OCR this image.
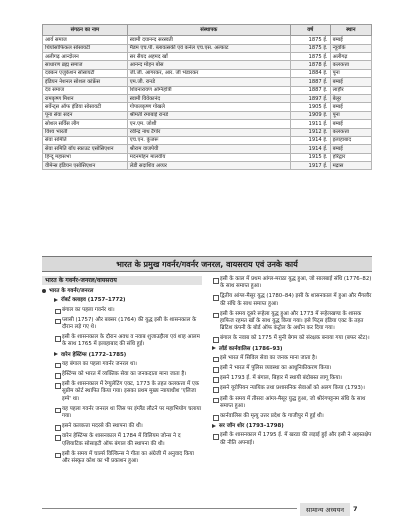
संगठन का नाम	संस्थापक	वर्ष	स्थान
आर्य समाज	स्वामी दयानन्द सरस्वती	1875 ई.	बम्बई
थियोसोफिकल सोसायटी	मैडम एच.पी. ब्लावत्सकी एवं कर्नल एच.एस. अल्काट	1875 ई.	न्यूयॉर्क
अलीगढ़ आन्दोलन	सर सैयद अहमद खाँ	1875 ई.	अलीगढ़
साधारण ब्रह्म समाज	आनन्द मोहन बोस	1878 ई.	कलकत्ता
दक्कन एजुकेशन सोसायटी	जी.जी. आगरकर, आर. जी भंडारकर	1884 ई.	पूना
इंडियन नेशनल सोशल कांफ्रेंस	एम.जी. रानडे	1887 ई.	बम्बई
देव समाज	शिवनारायण अग्निहोत्री	1887 ई.	लाहौर
रामकृष्ण मिशन	स्वामी विवेकानंद	1897 ई.	बेलूर
सर्वेन्ट्स ऑफ इंडिया सोसायटी	गोपालकृष्ण गोखले	1905 ई.	बम्बई
पूना सेवा सदन	श्रीमती रमाबाई रानडे	1909 ई.	पूना
सोशल सर्विस लीग	एन.एम. जोशी	1911 ई.	बम्बई
विश्व भारती	रवीन्द्र नाथ टैगोर	1912 ई.	कलकत्ता
सेवा समिति	एच.एन. कुंजरू	1914 ई.	इलाहाबाद
सेवा समिति बॉय स्काउट एसोसिएशन	श्रीराम वाजपेयी	1914 ई.	बम्बई
हिन्दू महासभा	मदनमोहन मालवीय	1915 ई.	हरिद्वार
वीमेन्स इंडियन एसोसिएशन	लेडी सदाशिव अय्यर	1917 ई.	मद्रास
भारत के प्रमुख गवर्नर/गवर्नर जनरल, वायसराय एवं उनके कार्य
भारत के गवर्नर-जनरल/वायसराय
भारत के गवर्नर/जनरल
रॉबर्ट क्लाइव (1757–1772)
बंगाल का पहला गवर्नर था।
प्लासी (1757) और बक्सर (1764) की युद्ध इसी के शासनकाल के दौरान लड़े गए थे।
इसी के शासनकाल के दौरान अवध व नवाब शुजाउद्दौला एवं शाह आलम के साथ 1765 में इलाहाबाद की संधि हुई।
वारेन हेस्टिंग्स (1772–1785)
यह बंगाल का पहला गवर्नर जनरल था।
हेस्टिंग्स को भारत में व्यक्तिक सेवा का जनकदाता माना जाता है।
इसी के शासनकाल में रेग्युलेटिंग एक्ट, 1773 के तहत कलकत्ता में एक सुप्रीम कोर्ट स्थापित किया गया। इसका प्रथम मुख्य न्यायाधीश 'एलिजा इम्पे' था।
यह पहला गवर्नर जनरल था जिस पर इंग्लैंड लौटने पर महाभियोग चलाया गया।
इसने कलकत्ता मदरसे की स्थापना की थी।
वारेन हेस्टिंग्स के शासनकाल में 1784 में विलियम जोन्स ने द एशियाटिक सोसाइटी ऑफ बंगाल की स्थापना की थी।
इसी के समय में चार्ल्स विल्किन्स ने गीता का अंग्रेजी में अनुवाद किया और संस्कृत कोश का भी प्रकाशन हुआ।
इसी के काल में प्रथम आंग्ल-मराठा युद्ध हुआ, जो सालबाई संधि (1776–82) के साथ समाप्त हुआ।
द्वितीय आंग्ल-मैसूर युद्ध (1780–84) इसी के शासनकाल में हुआ और मैंगलौर की संधि के साथ समाप्त हुआ।
इसी के समय दूसरे रूहेला युद्ध हुआ और 1773 में रूहेलखण्ड के शासक हाफिज रहमत खाँ के साथ युद्ध किया गया। इसे पिट्स इंडिया एक्ट के तहत ब्रिटिश कंपनी के बोर्ड ऑफ कंट्रोल के अधीन कर दिया गया।
बंगाल के नवाब को 1775 में मुनी बेगम को संरक्षक बनाया गया (बफर स्टेट)।
लॉर्ड कार्नवालिस (1786–93)
इसे भारत में सिविल सेवा का जनक माना जाता है।
इसी ने भारत में पुलिस व्यवस्था का आधुनिकीकरण किया।
इसने 1793 ई. में बंगाल, बिहार में स्थायी बंदोबस्त लागू किया।
इसने यूरोपियन न्यायिक तथा प्रशासनिक सेवाओं को अलग किया (1793)।
इसी के समय में तीसरा आंग्ल-मैसूर युद्ध हुआ, जो श्रीरंगपट्टनम संधि के साथ समाप्त हुआ।
कार्नवालिस की मृत्यु उत्तर प्रदेश के गाजीपुर में हुई थी।
सर जॉन शोर (1793–1798)
इसी के शासनकाल में 1795 ई. में खरडा की लड़ाई हुई और इसी ने अहस्तक्षेप की नीति अपनाई।
सामान्य अध्ययन	7
